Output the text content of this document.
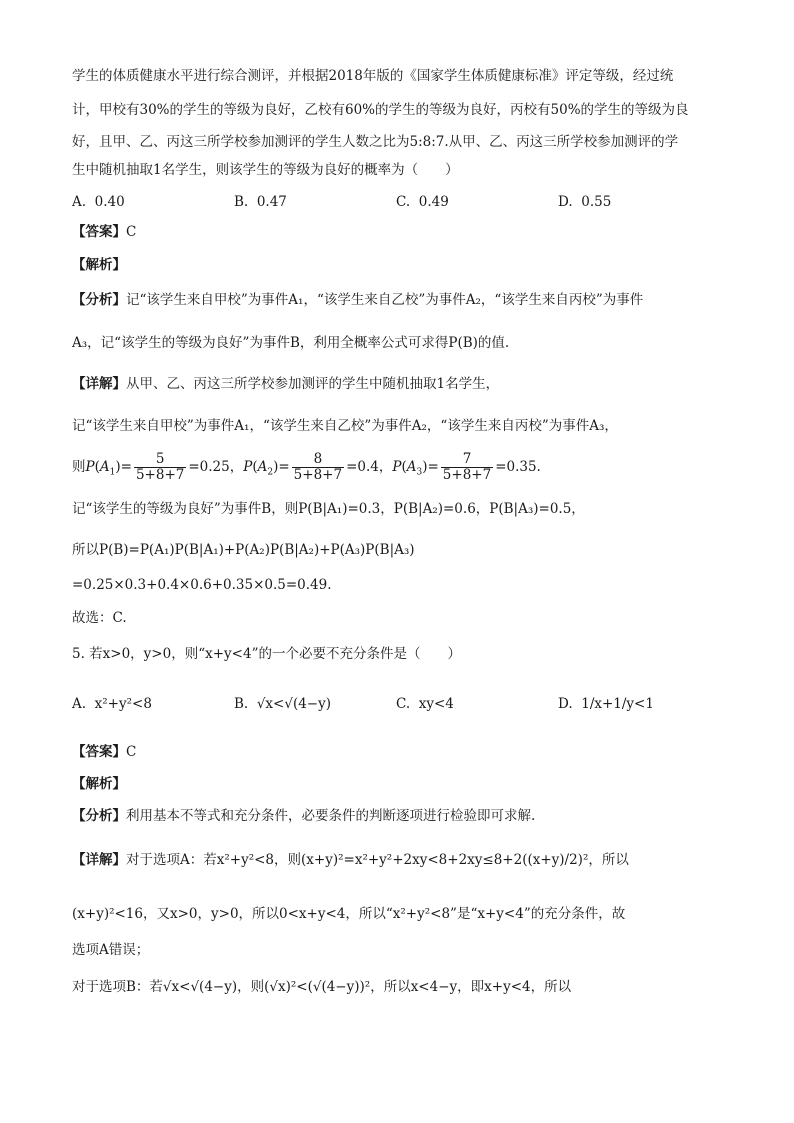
学生的体质健康水平进行综合测评，并根据2018年版的《国家学生体质健康标准》评定等级，经过统
计，甲校有30%的学生的等级为良好，乙校有60%的学生的等级为良好，丙校有50%的学生的等级为良
好，且甲、乙、丙这三所学校参加测评的学生人数之比为5:8:7.从甲、乙、丙这三所学校参加测评的学
生中随机抽取1名学生，则该学生的等级为良好的概率为（　　）
A. 0.40	B. 0.47	C. 0.49	D. 0.55
【答案】C
【解析】
【分析】记“该学生来自甲校”为事件A₁，“该学生来自乙校”为事件A₂，“该学生来自丙校”为事件
A₃，记“该学生的等级为良好”为事件B，利用全概率公式可求得P(B)的值.
【详解】从甲、乙、丙这三所学校参加测评的学生中随机抽取1名学生，
记“该学生来自甲校”为事件A₁，“该学生来自乙校”为事件A₂，“该学生来自丙校”为事件A₃，
则$P(A_1)= \frac{5}{5+8+7} =0.25$，$P(A_2)= \frac{8}{5+8+7} =0.4$，$P(A_3)= \frac{7}{5+8+7} =0.35$.
记“该学生的等级为良好”为事件B，则P(B|A₁)=0.3，P(B|A₂)=0.6，P(B|A₃)=0.5，
所以P(B)=P(A₁)P(B|A₁)+P(A₂)P(B|A₂)+P(A₃)P(B|A₃)
=0.25×0.3+0.4×0.6+0.35×0.5=0.49.
故选：C.
5. 若x>0，y>0，则“x+y<4”的一个必要不充分条件是（　　）
A. x²+y²<8	B. √x<√(4−y)	C. xy<4	D. 1/x+1/y<1
【答案】C
【解析】
【分析】利用基本不等式和充分条件，必要条件的判断逐项进行检验即可求解.
【详解】对于选项A：若x²+y²<8，则(x+y)²=x²+y²+2xy<8+2xy≤8+2((x+y)/2)²，所以
(x+y)²<16，又x>0，y>0，所以0<x+y<4，所以“x²+y²<8”是“x+y<4”的充分条件，故
选项A错误；
对于选项B：若√x<√(4−y)，则(√x)²<(√(4−y))²，所以x<4−y，即x+y<4，所以
